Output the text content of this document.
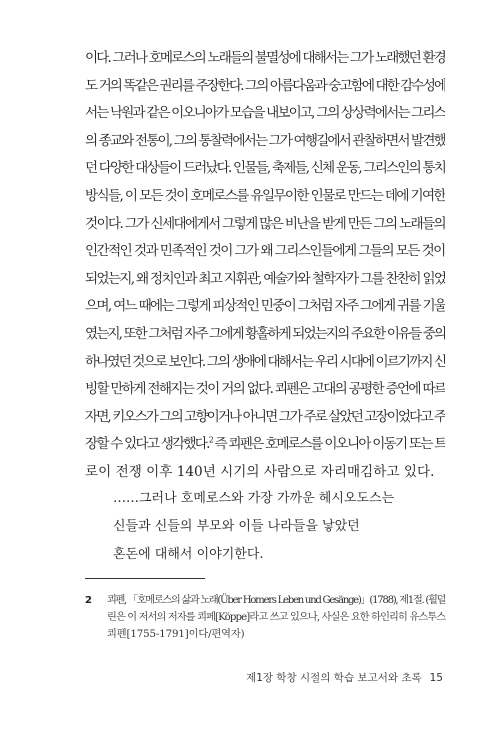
이다. 그러나 호메로스의 노래들의 불멸성에 대해서는 그가 노래했던 환경
도 거의 똑같은 권리를 주장한다. 그의 아름다움과 숭고함에 대한 감수성에
서는 낙원과 같은 이오니아가 모습을 내보이고, 그의 상상력에서는 그리스
의 종교와 전통이, 그의 통찰력에서는 그가 여행길에서 관찰하면서 발견했
던 다양한 대상들이 드러났다. 인물들, 축제들, 신체 운동, 그리스인의 통치
방식들, 이 모든 것이 호메로스를 유일무이한 인물로 만드는 데에 기여한
것이다. 그가 신세대에게서 그렇게 많은 비난을 받게 만든 그의 노래들의
인간적인 것과 민족적인 것이 그가 왜 그리스인들에게 그들의 모든 것이
되었는지, 왜 정치인과 최고 지휘관, 예술가와 철학자가 그를 찬찬히 읽었
으며, 여느 때에는 그렇게 피상적인 민중이 그처럼 자주 그에게 귀를 기울
였는지, 또한 그처럼 자주 그에게 황홀하게 되었는지의 주요한 이유들 중의
하나였던 것으로 보인다. 그의 생애에 대해서는 우리 시대에 이르기까지 신
빙할 만하게 전해지는 것이 거의 없다. 쾨펜은 고대의 공평한 증언에 따르
자면, 키오스가 그의 고향이거나 아니면 그가 주로 살았던 고장이었다고 주
장할 수 있다고 생각했다.$^2$ 즉 쾨펜은 호메로스를 이오니아 이동기 또는 트
로이 전쟁 이후 140년 시기의 사람으로 자리매김하고 있다.
……그러나 호메로스와 가장 가까운 헤시오도스는
신들과 신들의 부모와 이들 나라들을 낳았던
혼돈에 대해서 이야기한다.
2 쾨펜, 「호메로스의 삶과 노래(Über Homers Leben und Gesänge)」(1788), 제1절. (휠덜
린은 이 저서의 저자를 쾨페[Köppe]라고 쓰고 있으나, 사실은 요한 하인리히 유스투스
쾨펜[1755-1791]이다/편역자)
제1장 학창 시절의 학습 보고서와 초록 15
